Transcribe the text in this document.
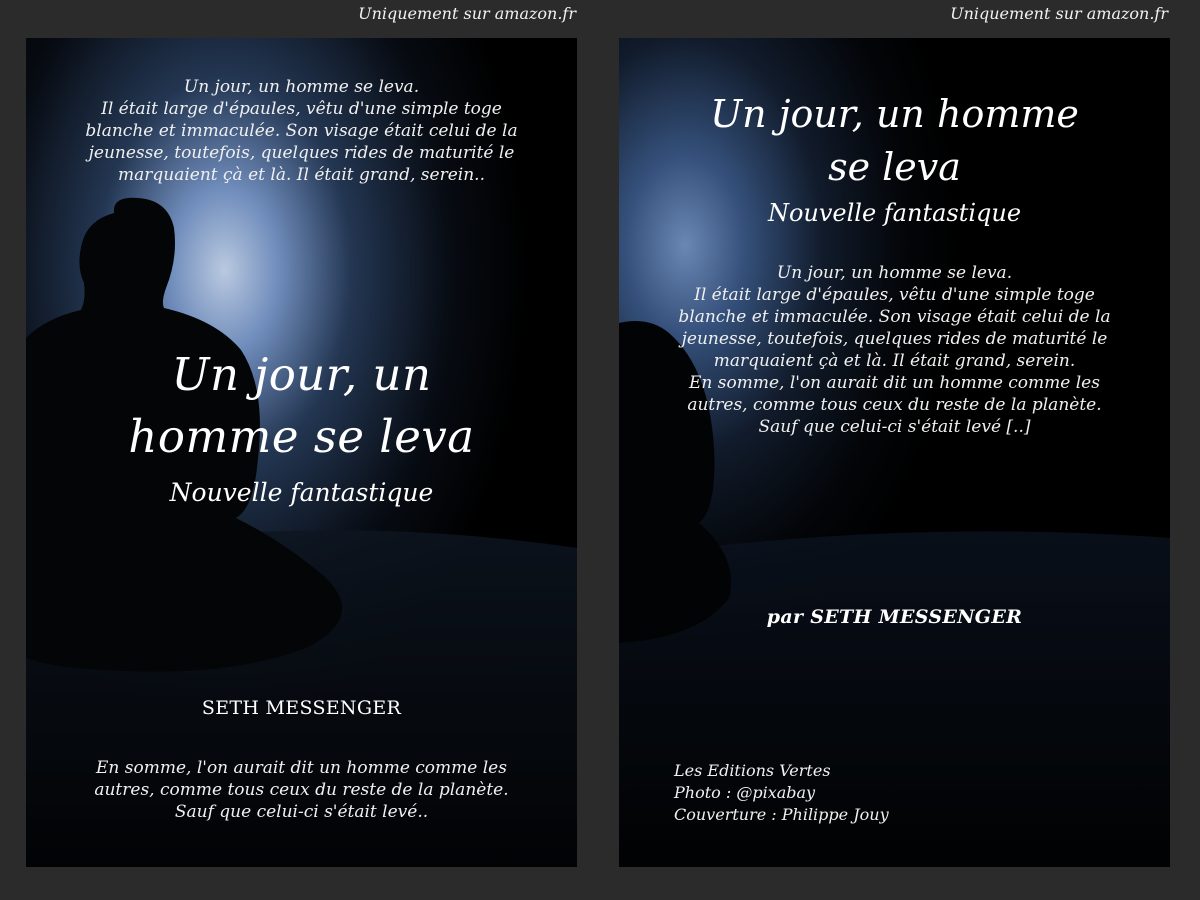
Uniquement sur amazon.fr	Uniquement sur amazon.fr
Un jour, un homme se leva.
Il était large d'épaules, vêtu d'une simple toge
blanche et immaculée. Son visage était celui de la
jeunesse, toutefois, quelques rides de maturité le
marquaient çà et là. Il était grand, serein..
Un jour, un
homme se leva
Nouvelle fantastique
SETH MESSENGER
En somme, l'on aurait dit un homme comme les
autres, comme tous ceux du reste de la planète.
Sauf que celui-ci s'était levé..
Un jour, un homme
se leva
Nouvelle fantastique
Un jour, un homme se leva.
Il était large d'épaules, vêtu d'une simple toge
blanche et immaculée. Son visage était celui de la
jeunesse, toutefois, quelques rides de maturité le
marquaient çà et là. Il était grand, serein.
En somme, l'on aurait dit un homme comme les
autres, comme tous ceux du reste de la planète.
Sauf que celui-ci s'était levé [..]
par SETH MESSENGER
Les Editions Vertes
Photo : @pixabay
Couverture : Philippe Jouy
